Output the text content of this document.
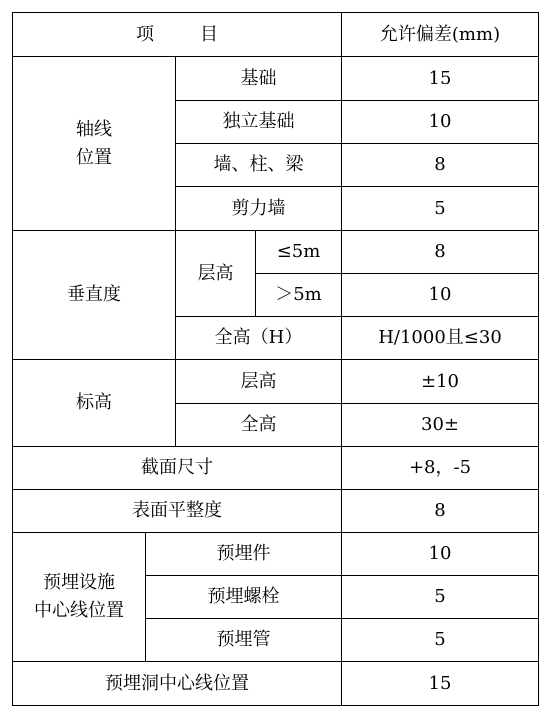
项 目				允许偏差(mm)
轴线
位置		基础		15
		独立基础		10
		墙、柱、梁		8
		剪力墙		5
垂直度		层高	≤5m	8
			＞5m	10
		全高（H）		H/1000且≤30
标高		层高		±10
		全高		30±
截面尺寸				+8，-5
表面平整度				8
预埋设施
中心线位置	预埋件			10
	预埋螺栓			5
	预埋管			5
预埋洞中心线位置				15
